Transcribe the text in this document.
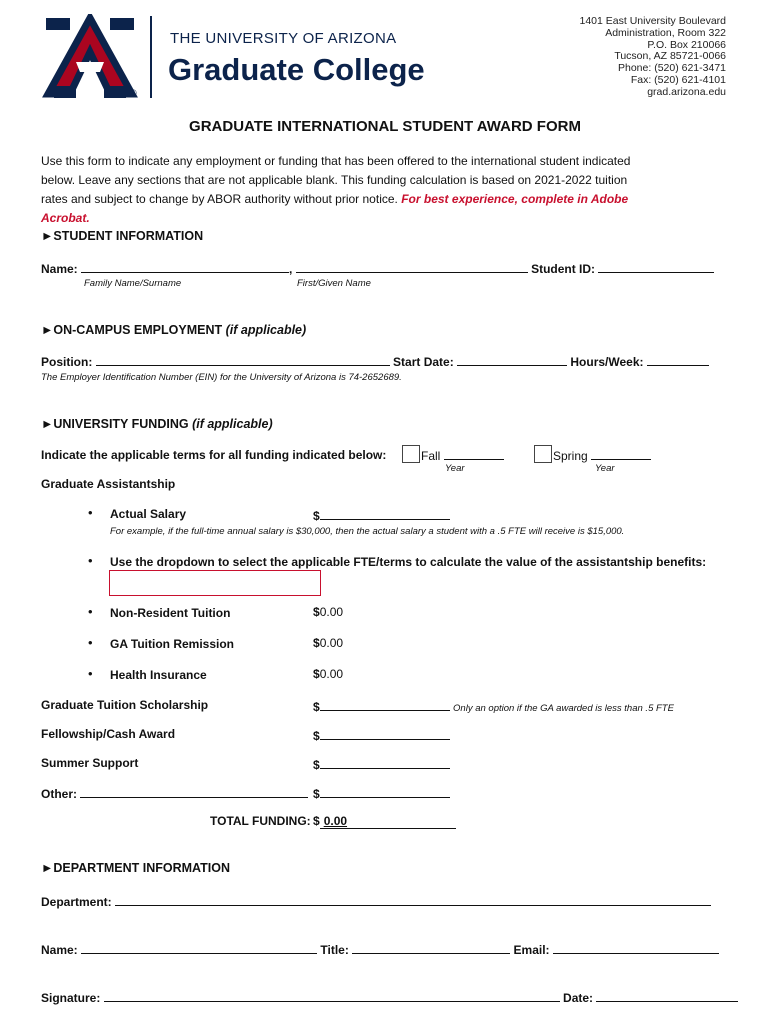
®
THE UNIVERSITY OF ARIZONA
Graduate College
1401 East University Boulevard
Administration, Room 322
P.O. Box 210066
Tucson, AZ 85721-0066
Phone: (520) 621-3471
Fax: (520) 621-4101
grad.arizona.edu
GRADUATE INTERNATIONAL STUDENT AWARD FORM
Use this form to indicate any employment or funding that has been offered to the international student indicated
below. Leave any sections that are not applicable blank. This funding calculation is based on 2021-2022 tuition
rates and subject to change by ABOR authority without prior notice. For best experience, complete in Adobe
Acrobat.
►STUDENT INFORMATION
Name:	,	Student ID:
Family Name/Surname	First/Given Name
►ON-CAMPUS EMPLOYMENT (if applicable)
Position:	Start Date:	Hours/Week:
The Employer Identification Number (EIN) for the University of Arizona is 74-2652689.
►UNIVERSITY FUNDING (if applicable)
Indicate the applicable terms for all funding indicated below:	Fall	Spring
Year	Year
Graduate Assistantship
• Actual Salary	$
For example, if the full-time annual salary is $30,000, then the actual salary a student with a .5 FTE will receive is $15,000.
• Use the dropdown to select the applicable FTE/terms to calculate the value of the assistantship benefits:
• Non-Resident Tuition	$0.00
• GA Tuition Remission	$0.00
• Health Insurance	$0.00
Graduate Tuition Scholarship	$	Only an option if the GA awarded is less than .5 FTE
Fellowship/Cash Award	$
Summer Support	$
Other:	$
TOTAL FUNDING: $ 0.00
►DEPARTMENT INFORMATION
Department:
Name:	Title:	Email:
Signature:	Date:
